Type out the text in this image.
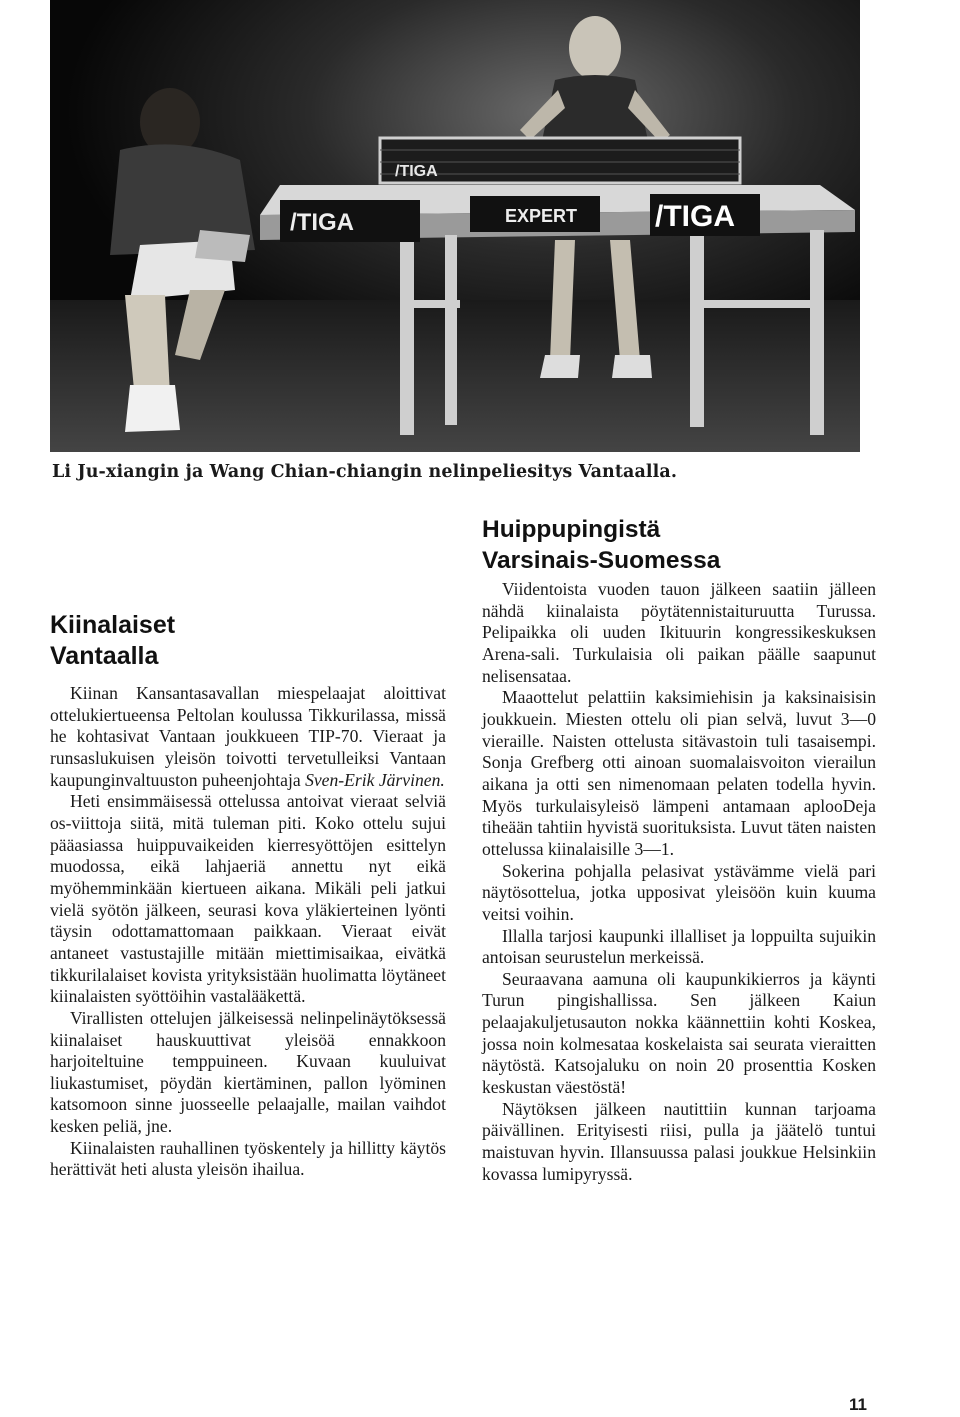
/TIGA
/TIGA	EXPERT	/TIGA
Li Ju-xiangin ja Wang Chian-chiangin nelinpeliesitys Vantaalla.
Kiinalaiset
Vantaalla

Kiinan Kansantasavallan miespelaajat aloittivat ottelukiertueensa Peltolan koulussa Tikkurilassa, missä he kohtasivat Vantaan joukkueen TIP-70. Vieraat ja runsaslukuisen yleisön toivotti tervetulleiksi Vantaan kaupunginvaltuuston puheenjohtaja Sven-Erik Järvinen.

Heti ensimmäisessä ottelussa antoivat vieraat selviä os-viittoja siitä, mitä tuleman piti. Koko ottelu sujui pääasiassa huippuvaikeiden kierresyöttöjen esittelyn muodossa, eikä lahjaeriä annettu nyt eikä myöhemminkään kiertueen aikana. Mikäli peli jatkui vielä syötön jälkeen, seurasi kova yläkierteinen lyönti täysin odottamattomaan paikkaan. Vieraat eivät antaneet vastustajille mitään miettimisaikaa, eivätkä tikkurilalaiset kovista yrityksistään huolimatta löytäneet kiinalaisten syöttöihin vastalääkettä.

Virallisten ottelujen jälkeisessä nelinpelinäytöksessä kiinalaiset hauskuuttivat yleisöä ennakkoon harjoiteltuine temppuineen. Kuvaan kuuluivat liukastumiset, pöydän kiertäminen, pallon lyöminen katsomoon sinne juosseelle pelaajalle, mailan vaihdot kesken peliä, jne.

Kiinalaisten rauhallinen työskentely ja hillitty käytös herättivät heti alusta yleisön ihailua.

Huippupingistä
Varsinais-Suomessa

Viidentoista vuoden tauon jälkeen saatiin jälleen nähdä kiinalaista pöytätennistaituruutta Turussa. Pelipaikka oli uuden Ikituurin kongressikeskuksen Arena-sali. Turkulaisia oli paikan päälle saapunut nelisensataa.

Maaottelut pelattiin kaksimiehisin ja kaksinaisisin joukkuein. Miesten ottelu oli pian selvä, luvut 3—0 vieraille. Naisten ottelusta sitävastoin tuli tasaisempi. Sonja Grefberg otti ainoan suomalaisvoiton vierailun aikana ja otti sen nimenomaan pelaten todella hyvin. Myös turkulaisyleisö lämpeni antamaan aplooDeja tiheään tahtiin hyvistä suorituksista. Luvut täten naisten ottelussa kiinalaisille 3—1.

Sokerina pohjalla pelasivat ystävämme vielä pari näytösottelua, jotka upposivat yleisöön kuin kuuma veitsi voihin.

Illalla tarjosi kaupunki illalliset ja loppuilta sujuikin antoisan seurustelun merkeissä.

Seuraavana aamuna oli kaupunkikierros ja käynti Turun pingishallissa. Sen jälkeen Kaiun pelaajakuljetusauton nokka käännettiin kohti Koskea, jossa noin kolmesataa koskelaista sai seurata vieraitten näytöstä. Katsojaluku on noin 20 prosenttia Kosken keskustan väestöstä!

Näytöksen jälkeen nautittiin kunnan tarjoama päivällinen. Erityisesti riisi, pulla ja jäätelö tuntui maistuvan hyvin. Illansuussa palasi joukkue Helsinkiin kovassa lumipyryssä.

11
